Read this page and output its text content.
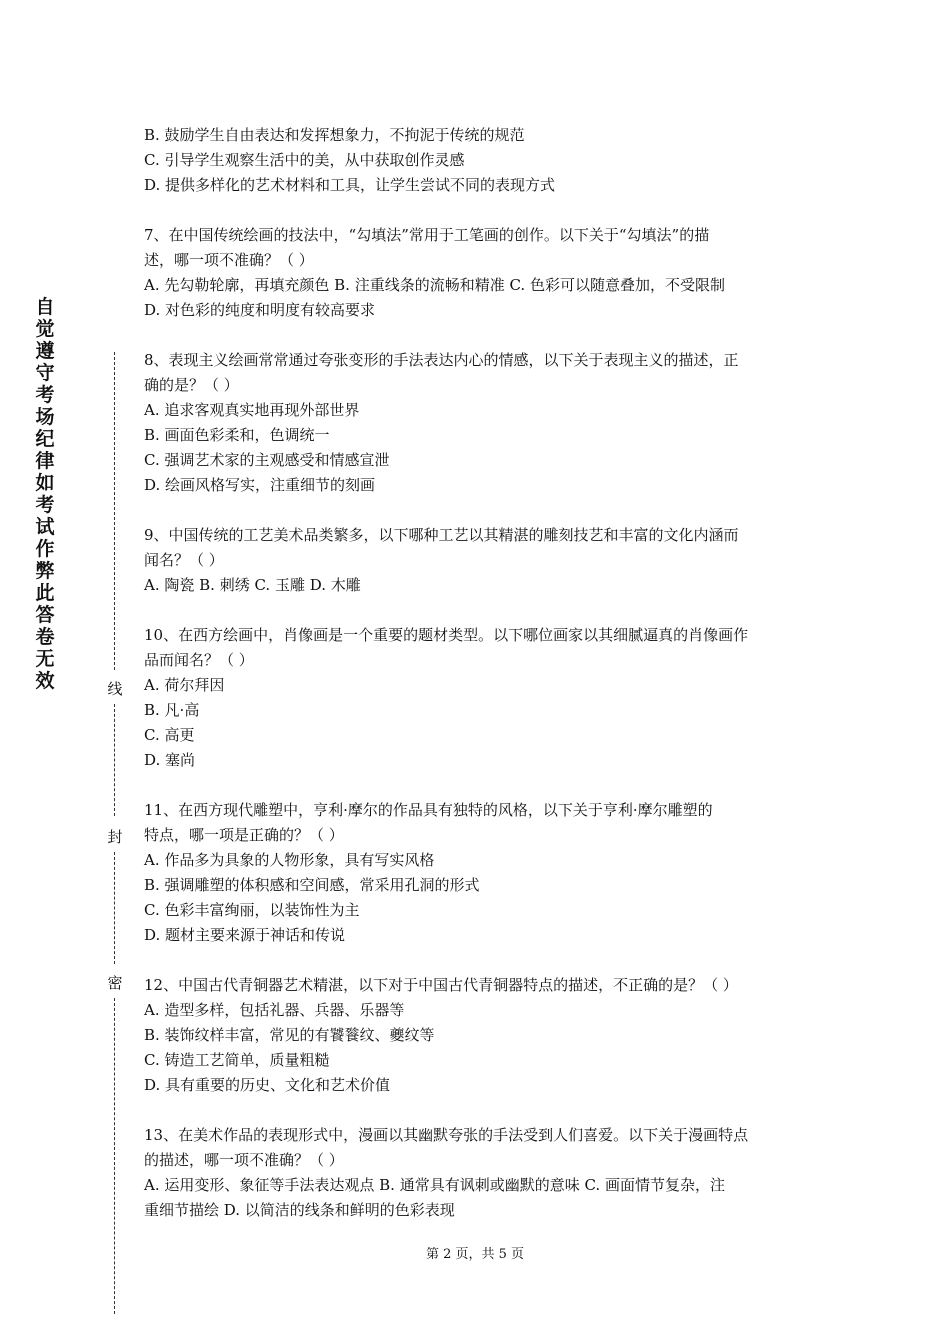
自觉遵守考场纪律如考试作弊此答卷无效	线
封
密
B. 鼓励学生自由表达和发挥想象力，不拘泥于传统的规范
C. 引导学生观察生活中的美，从中获取创作灵感
D. 提供多样化的艺术材料和工具，让学生尝试不同的表现方式
7、在中国传统绘画的技法中，“勾填法”常用于工笔画的创作。以下关于“勾填法”的描
述，哪一项不准确？（ ）
A. 先勾勒轮廓，再填充颜色 B. 注重线条的流畅和精准 C. 色彩可以随意叠加，不受限制
D. 对色彩的纯度和明度有较高要求
8、表现主义绘画常常通过夸张变形的手法表达内心的情感，以下关于表现主义的描述，正
确的是？（ ）
A. 追求客观真实地再现外部世界
B. 画面色彩柔和，色调统一
C. 强调艺术家的主观感受和情感宣泄
D. 绘画风格写实，注重细节的刻画
9、中国传统的工艺美术品类繁多，以下哪种工艺以其精湛的雕刻技艺和丰富的文化内涵而
闻名？（ ）
A. 陶瓷 B. 刺绣 C. 玉雕 D. 木雕
10、在西方绘画中，肖像画是一个重要的题材类型。以下哪位画家以其细腻逼真的肖像画作
品而闻名？（ ）
A. 荷尔拜因
B. 凡·高
C. 高更
D. 塞尚
11、在西方现代雕塑中，亨利·摩尔的作品具有独特的风格，以下关于亨利·摩尔雕塑的
特点，哪一项是正确的？（ ）
A. 作品多为具象的人物形象，具有写实风格
B. 强调雕塑的体积感和空间感，常采用孔洞的形式
C. 色彩丰富绚丽，以装饰性为主
D. 题材主要来源于神话和传说
12、中国古代青铜器艺术精湛，以下对于中国古代青铜器特点的描述，不正确的是？（ ）
A. 造型多样，包括礼器、兵器、乐器等
B. 装饰纹样丰富，常见的有饕餮纹、夔纹等
C. 铸造工艺简单，质量粗糙
D. 具有重要的历史、文化和艺术价值
13、在美术作品的表现形式中，漫画以其幽默夸张的手法受到人们喜爱。以下关于漫画特点
的描述，哪一项不准确？（ ）
A. 运用变形、象征等手法表达观点 B. 通常具有讽刺或幽默的意味 C. 画面情节复杂，注
重细节描绘 D. 以简洁的线条和鲜明的色彩表现
第 2 页，共 5 页
